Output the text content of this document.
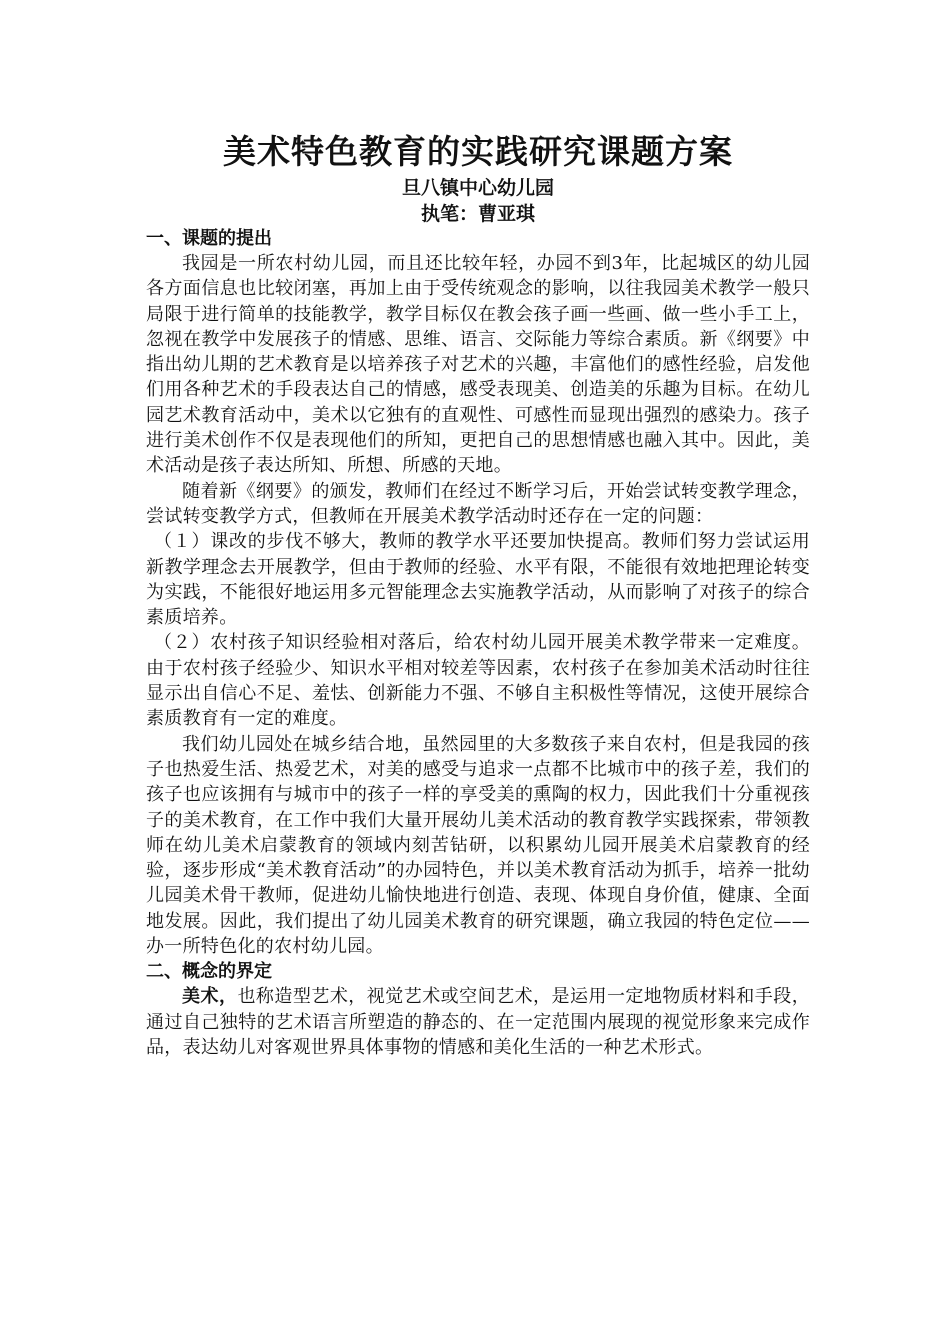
美术特色教育的实践研究课题方案
旦八镇中心幼儿园
执笔：曹亚琪
一、课题的提出

我园是一所农村幼儿园，而且还比较年轻，办园不到3年，比起城区的幼儿园各方面信息也比较闭塞，再加上由于受传统观念的影响，以往我园美术教学一般只局限于进行简单的技能教学，教学目标仅在教会孩子画一些画、做一些小手工上，忽视在教学中发展孩子的情感、思维、语言、交际能力等综合素质。新《纲要》中指出幼儿期的艺术教育是以培养孩子对艺术的兴趣，丰富他们的感性经验，启发他们用各种艺术的手段表达自己的情感，感受表现美、创造美的乐趣为目标。在幼儿园艺术教育活动中，美术以它独有的直观性、可感性而显现出强烈的感染力。孩子进行美术创作不仅是表现他们的所知，更把自己的思想情感也融入其中。因此，美术活动是孩子表达所知、所想、所感的天地。

随着新《纲要》的颁发，教师们在经过不断学习后，开始尝试转变教学理念，尝试转变教学方式，但教师在开展美术教学活动时还存在一定的问题：

（１）课改的步伐不够大，教师的教学水平还要加快提高。教师们努力尝试运用新教学理念去开展教学，但由于教师的经验、水平有限，不能很有效地把理论转变为实践，不能很好地运用多元智能理念去实施教学活动，从而影响了对孩子的综合素质培养。

（２）农村孩子知识经验相对落后，给农村幼儿园开展美术教学带来一定难度。由于农村孩子经验少、知识水平相对较差等因素，农村孩子在参加美术活动时往往显示出自信心不足、羞怯、创新能力不强、不够自主积极性等情况，这使开展综合素质教育有一定的难度。

我们幼儿园处在城乡结合地，虽然园里的大多数孩子来自农村，但是我园的孩子也热爱生活、热爱艺术，对美的感受与追求一点都不比城市中的孩子差，我们的孩子也应该拥有与城市中的孩子一样的享受美的熏陶的权力，因此我们十分重视孩子的美术教育，在工作中我们大量开展幼儿美术活动的教育教学实践探索，带领教师在幼儿美术启蒙教育的领域内刻苦钻研，以积累幼儿园开展美术启蒙教育的经验，逐步形成“美术教育活动”的办园特色，并以美术教育活动为抓手，培养一批幼儿园美术骨干教师，促进幼儿愉快地进行创造、表现、体现自身价值，健康、全面地发展。因此，我们提出了幼儿园美术教育的研究课题，确立我园的特色定位——办一所特色化的农村幼儿园。

二、概念的界定

美术，也称造型艺术，视觉艺术或空间艺术，是运用一定地物质材料和手段，通过自己独特的艺术语言所塑造的静态的、在一定范围内展现的视觉形象来完成作品，表达幼儿对客观世界具体事物的情感和美化生活的一种艺术形式。
